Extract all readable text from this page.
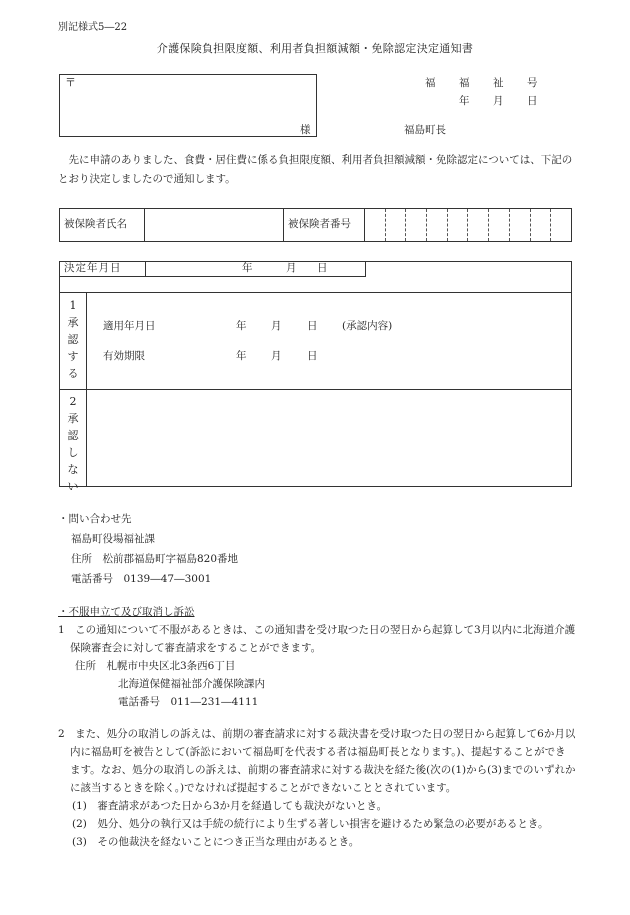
別記様式5―22
介護保険負担限度額、利用者負担額減額・免除認定決定通知書
〒
様
福	福	祉	号
年	月	日
福島町長
先に申請のありました、食費・居住費に係る負担限度額、利用者負担額減額・免除認定については、下記のとおり決定しましたので通知します。
被保険者氏名		被保険者番号										
決定年月日	年	月 日
1承認する
適用年月日	年 月 日 (承認内容)
有効期限	年 月 日
2承認しない
・問い合わせ先
福島町役場福祉課
住所　松前郡福島町字福島820番地
電話番号　0139―47―3001

・不服申立て及び取消し訴訟

1　この通知について不服があるときは、この通知書を受け取つた日の翌日から起算して3月以内に北海道介護保険審査会に対して審査請求をすることができます。

住所　札幌市中央区北3条西6丁目
北海道保健福祉部介護保険課内
電話番号　011―231―4111

2　また、処分の取消しの訴えは、前期の審査請求に対する裁決書を受け取つた日の翌日から起算して6か月以内に福島町を被告として(訴訟において福島町を代表する者は福島町長となります。)、提起することができます。なお、処分の取消しの訴えは、前期の審査請求に対する裁決を経た後(次の(1)から(3)までのいずれかに該当するときを除く。)でなければ提起することができないこととされています。

(1)　審査請求があつた日から3か月を経過しても裁決がないとき。

(2)　処分、処分の執行又は手続の続行により生ずる著しい損害を避けるため緊急の必要があるとき。

(3)　その他裁決を経ないことにつき正当な理由があるとき。
